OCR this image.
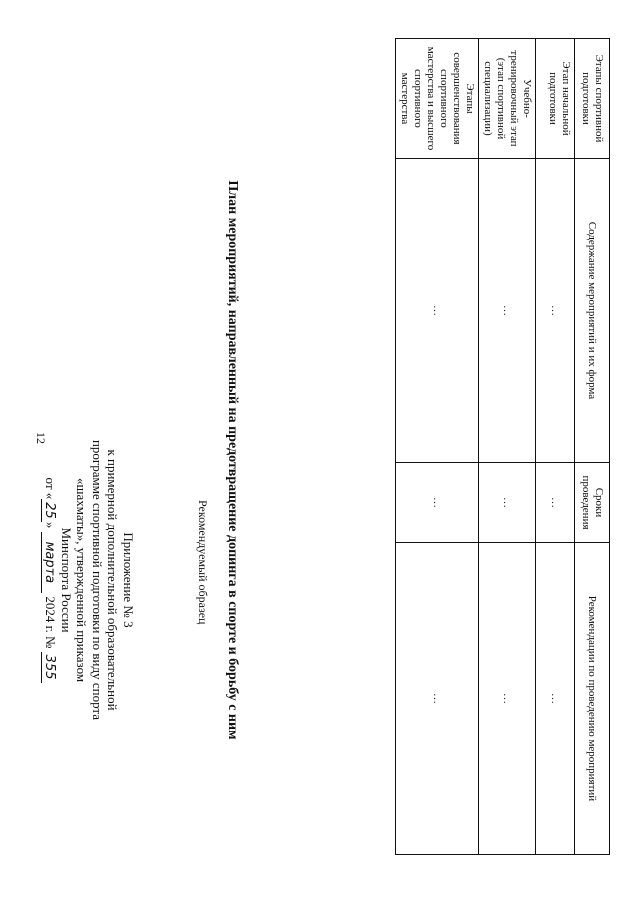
12
Приложение № 3
к примерной дополнительной образовательной
программе спортивной подготовки по виду спорта
«шахматы», утвержденной приказом
Минспорта России
от «25» марта 2024 г. № 355
Рекомендуемый образец План мероприятий, направленный на предотвращение допинга в спорте и борьбу с ним
Этапы спортивной подготовки	Содержание мероприятий и их форма	Сроки проведения	Рекомендации по проведению мероприятий
Этап начальной подготовки	…	…	…
Учебно-тренировочный этап (этап спортивной специализации)	…	…	…
Этапы совершенствования спортивного мастерства и высшего спортивного мастерства	…	…	…
